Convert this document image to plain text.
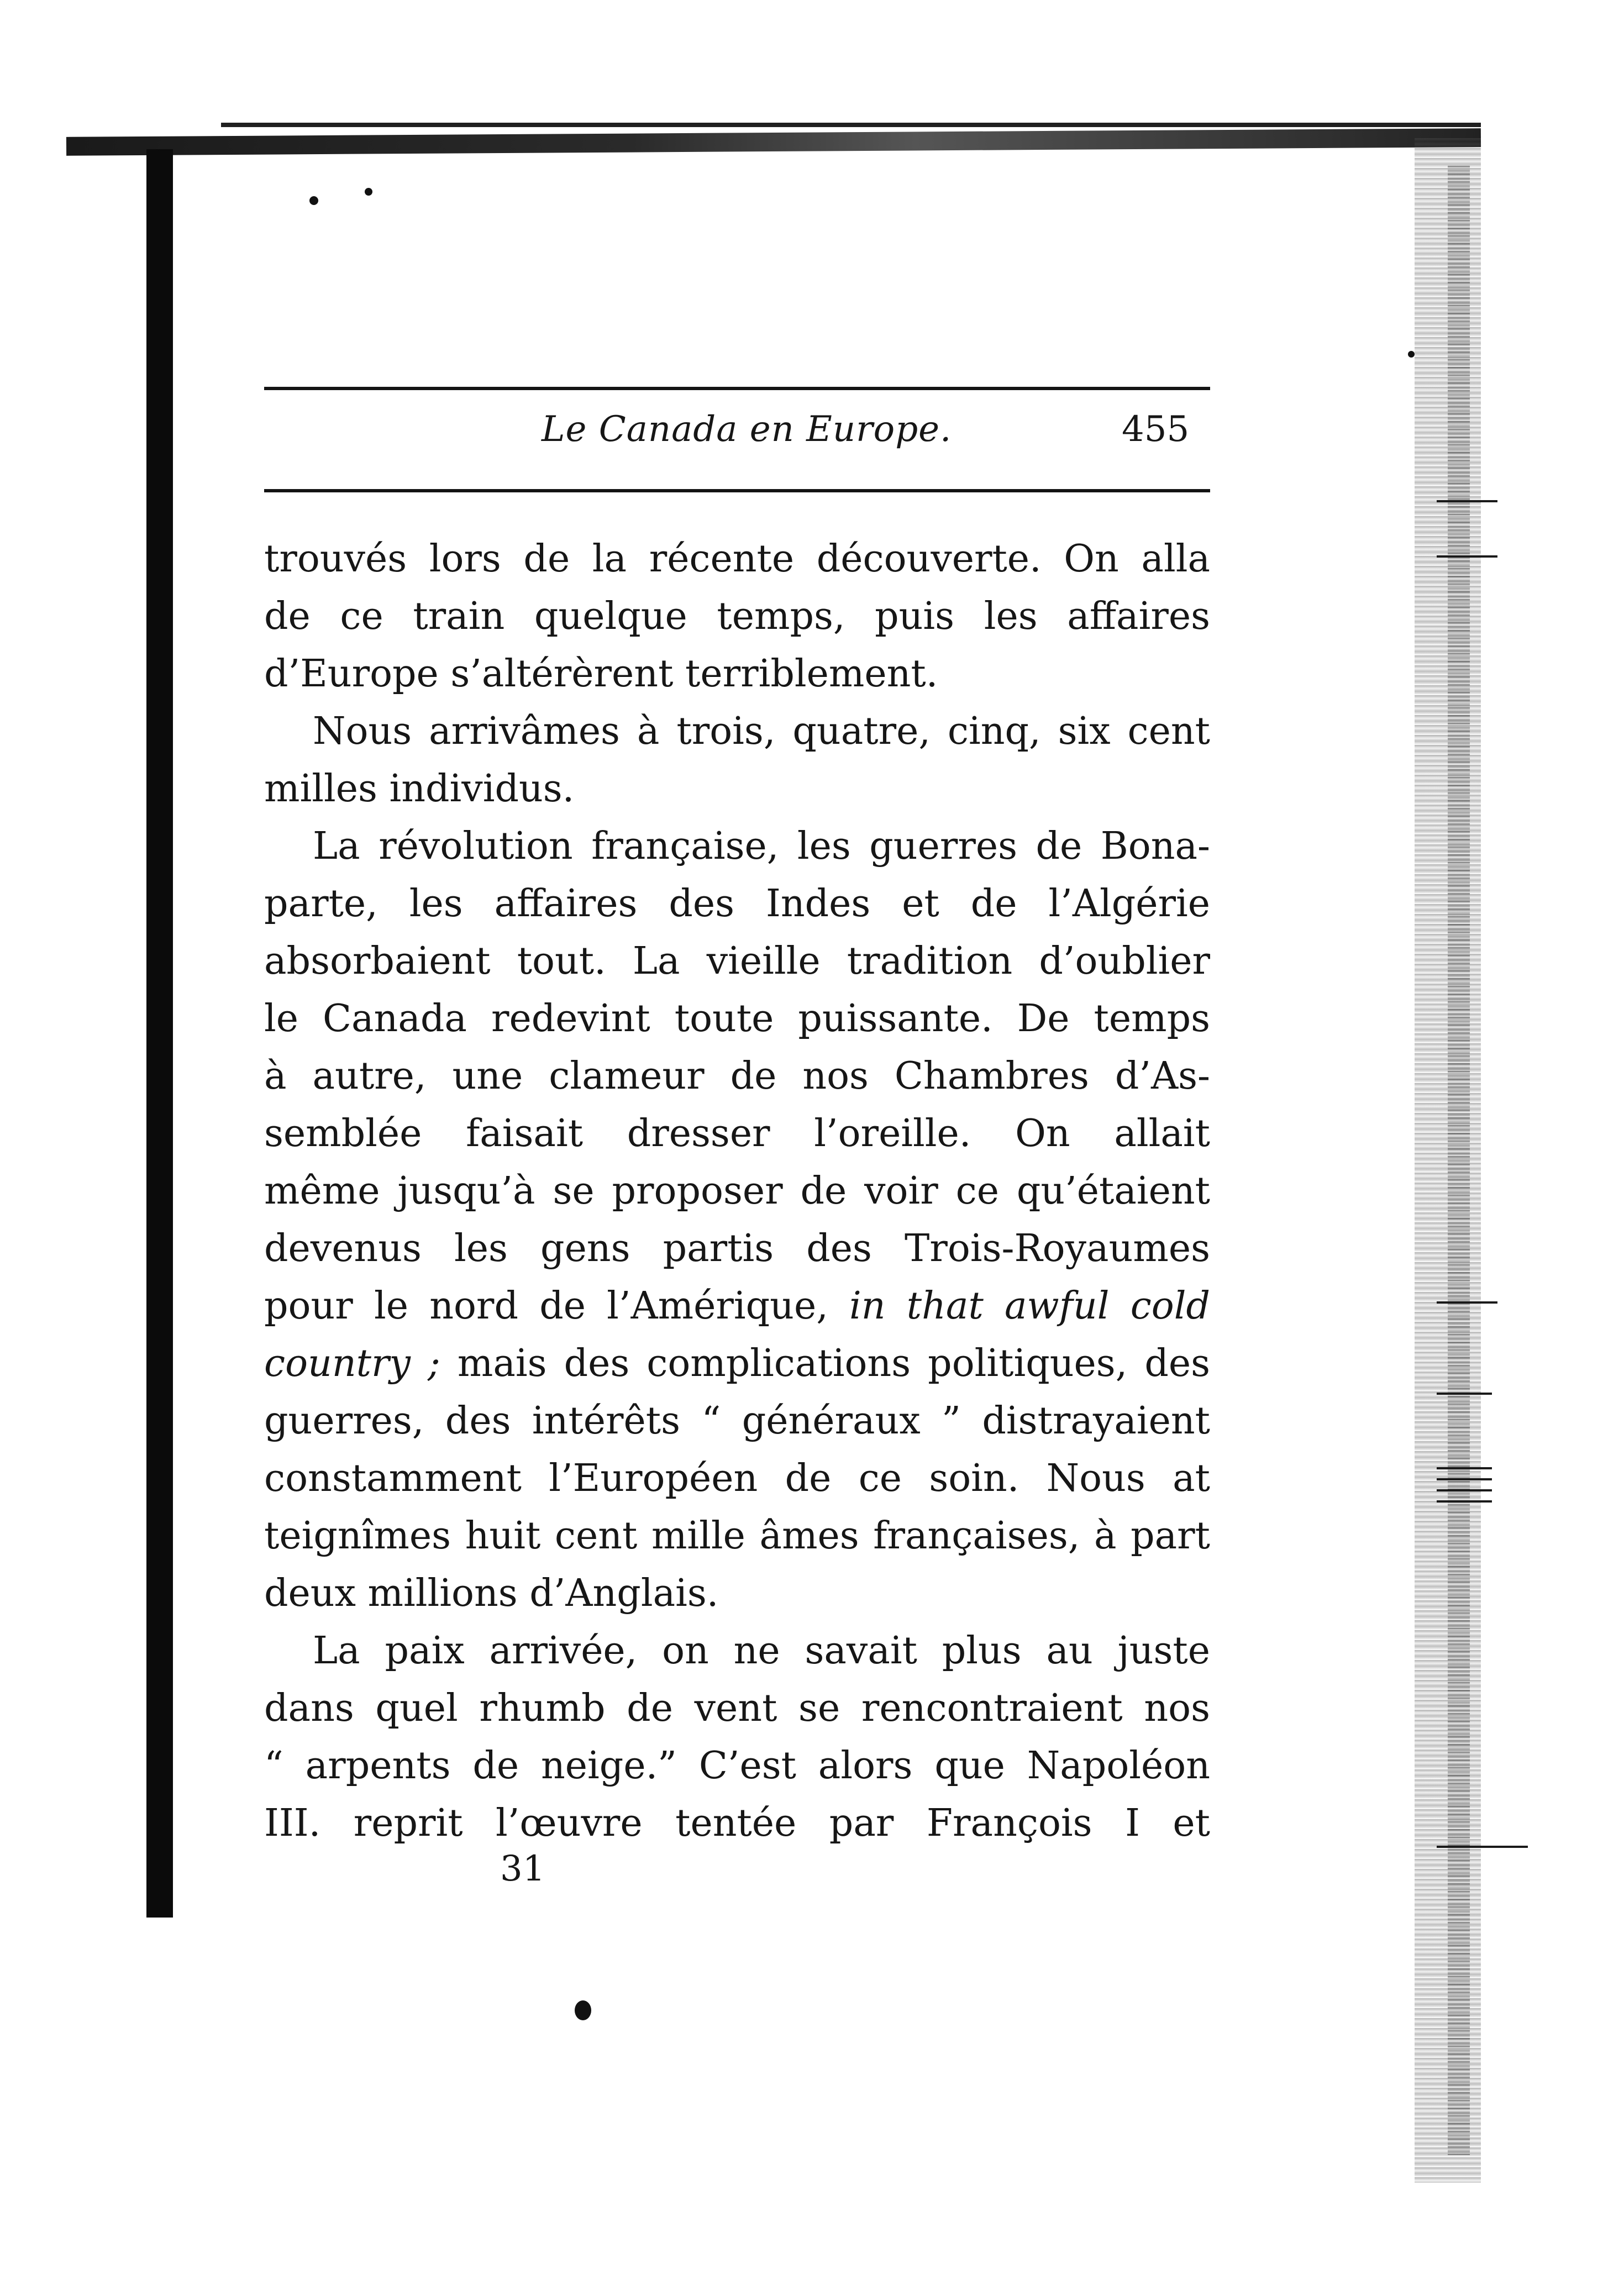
Le Canada en Europe.	455
trouvés lors de la récente découverte. On alla
de ce train quelque temps, puis les affaires
d’Europe s’altérèrent terriblement.
Nous arrivâmes à trois, quatre, cinq, six cent
milles individus.
La révolution française, les guerres de Bona-
parte, les affaires des Indes et de l’Algérie
absorbaient tout. La vieille tradition d’oublier
le Canada redevint toute puissante. De temps
à autre, une clameur de nos Chambres d’As-
semblée faisait dresser l’oreille. On allait
même jusqu’à se proposer de voir ce qu’étaient
devenus les gens partis des Trois-Royaumes
pour le nord de l’Amérique, in that awful cold
country ; mais des complications politiques, des
guerres, des intérêts “ généraux ” distrayaient
constamment l’Européen de ce soin. Nous at
teignîmes huit cent mille âmes françaises, à part
deux millions d’Anglais.
La paix arrivée, on ne savait plus au juste
dans quel rhumb de vent se rencontraient nos
“ arpents de neige.” C’est alors que Napoléon
III. reprit l’œuvre tentée par François I et
31
